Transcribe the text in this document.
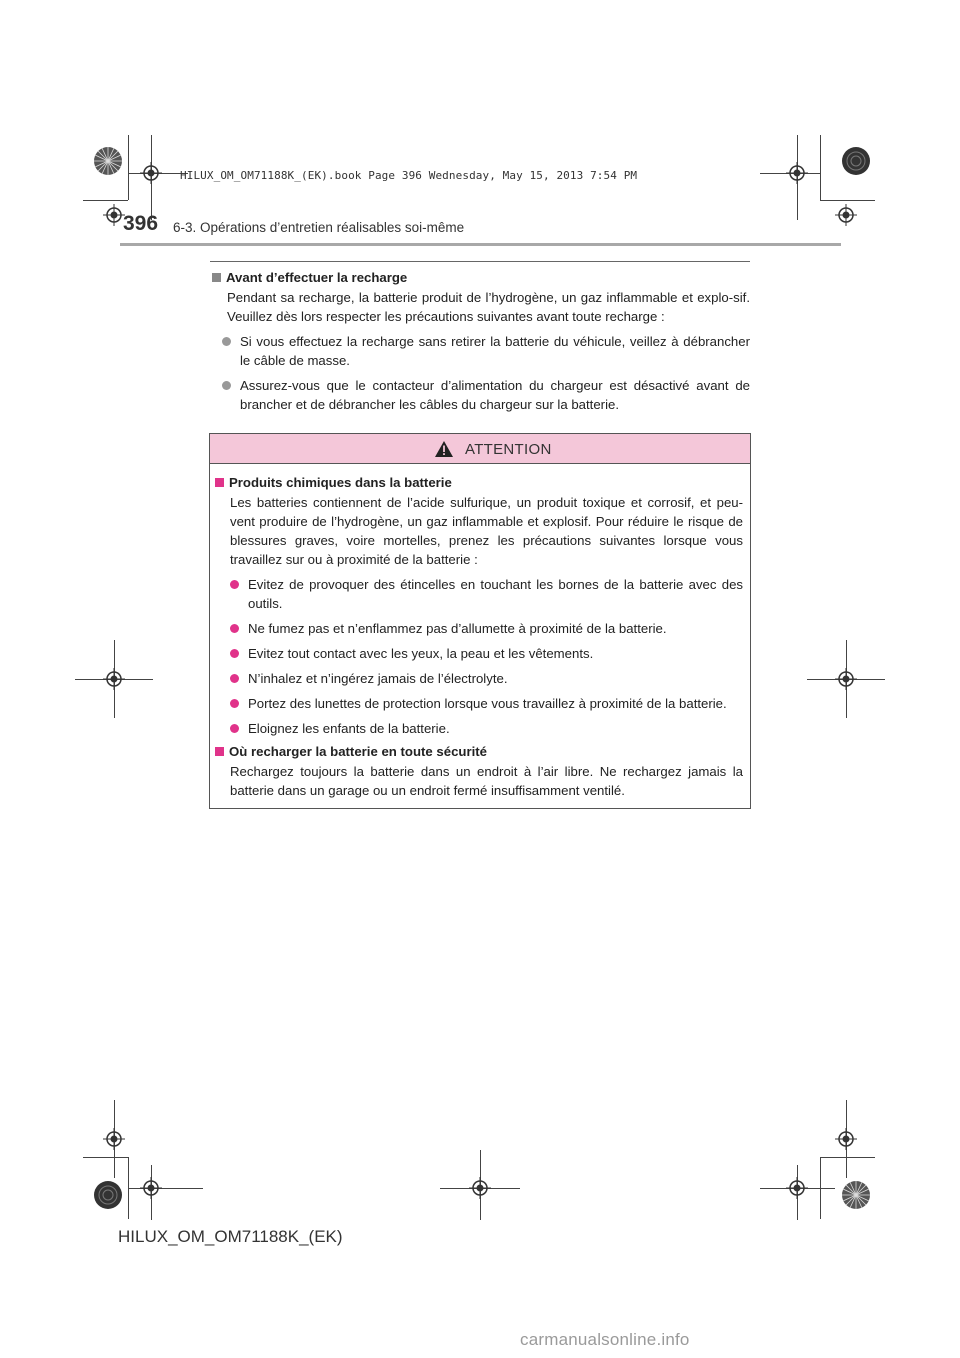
HILUX_OM_OM71188K_(EK).book Page 396 Wednesday, May 15, 2013 7:54 PM
396 6-3. Opérations d’entretien réalisables soi-même
Avant d’effectuer la recharge
Pendant sa recharge, la batterie produit de l’hydrogène, un gaz inflammable et explo-sif. Veuillez dès lors respecter les précautions suivantes avant toute recharge :
Si vous effectuez la recharge sans retirer la batterie du véhicule, veillez à débrancher le câble de masse.
Assurez-vous que le contacteur d’alimentation du chargeur est désactivé avant de brancher et de débrancher les câbles du chargeur sur la batterie.
ATTENTION
Produits chimiques dans la batterie
Les batteries contiennent de l’acide sulfurique, un produit toxique et corrosif, et peu-vent produire de l’hydrogène, un gaz inflammable et explosif. Pour réduire le risque de blessures graves, voire mortelles, prenez les précautions suivantes lorsque vous travaillez sur ou à proximité de la batterie :
Evitez de provoquer des étincelles en touchant les bornes de la batterie avec des outils.
Ne fumez pas et n’enflammez pas d’allumette à proximité de la batterie.
Evitez tout contact avec les yeux, la peau et les vêtements.
N’inhalez et n’ingérez jamais de l’électrolyte.
Portez des lunettes de protection lorsque vous travaillez à proximité de la batterie.
Eloignez les enfants de la batterie.
Où recharger la batterie en toute sécurité
Rechargez toujours la batterie dans un endroit à l’air libre. Ne rechargez jamais la batterie dans un garage ou un endroit fermé insuffisamment ventilé.
HILUX_OM_OM71188K_(EK)
carmanualsonline.info
